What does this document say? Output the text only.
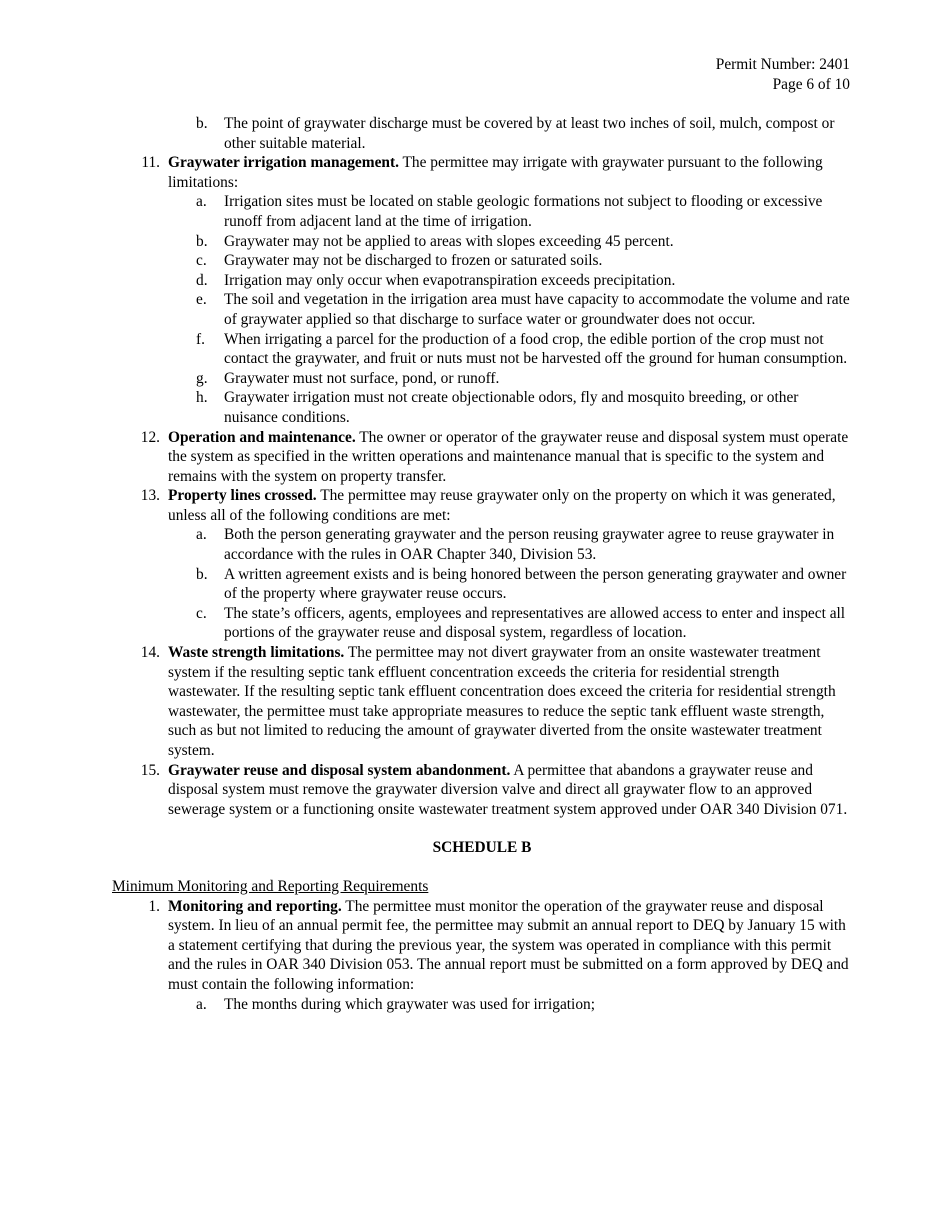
Permit Number: 2401
Page 6 of 10
b. The point of graywater discharge must be covered by at least two inches of soil, mulch, compost or other suitable material.
11. Graywater irrigation management. The permittee may irrigate with graywater pursuant to the following limitations:
a. Irrigation sites must be located on stable geologic formations not subject to flooding or excessive runoff from adjacent land at the time of irrigation.
b. Graywater may not be applied to areas with slopes exceeding 45 percent.
c. Graywater may not be discharged to frozen or saturated soils.
d. Irrigation may only occur when evapotranspiration exceeds precipitation.
e. The soil and vegetation in the irrigation area must have capacity to accommodate the volume and rate of graywater applied so that discharge to surface water or groundwater does not occur.
f. When irrigating a parcel for the production of a food crop, the edible portion of the crop must not contact the graywater, and fruit or nuts must not be harvested off the ground for human consumption.
g. Graywater must not surface, pond, or runoff.
h. Graywater irrigation must not create objectionable odors, fly and mosquito breeding, or other nuisance conditions.
12. Operation and maintenance. The owner or operator of the graywater reuse and disposal system must operate the system as specified in the written operations and maintenance manual that is specific to the system and remains with the system on property transfer.
13. Property lines crossed. The permittee may reuse graywater only on the property on which it was generated, unless all of the following conditions are met:
a. Both the person generating graywater and the person reusing graywater agree to reuse graywater in accordance with the rules in OAR Chapter 340, Division 53.
b. A written agreement exists and is being honored between the person generating graywater and owner of the property where graywater reuse occurs.
c. The state’s officers, agents, employees and representatives are allowed access to enter and inspect all portions of the graywater reuse and disposal system, regardless of location.
14. Waste strength limitations. The permittee may not divert graywater from an onsite wastewater treatment system if the resulting septic tank effluent concentration exceeds the criteria for residential strength wastewater. If the resulting septic tank effluent concentration does exceed the criteria for residential strength wastewater, the permittee must take appropriate measures to reduce the septic tank effluent waste strength, such as but not limited to reducing the amount of graywater diverted from the onsite wastewater treatment system.
15. Graywater reuse and disposal system abandonment. A permittee that abandons a graywater reuse and disposal system must remove the graywater diversion valve and direct all graywater flow to an approved sewerage system or a functioning onsite wastewater treatment system approved under OAR 340 Division 071.
SCHEDULE B
Minimum Monitoring and Reporting Requirements
1. Monitoring and reporting. The permittee must monitor the operation of the graywater reuse and disposal system. In lieu of an annual permit fee, the permittee may submit an annual report to DEQ by January 15 with a statement certifying that during the previous year, the system was operated in compliance with this permit and the rules in OAR 340 Division 053. The annual report must be submitted on a form approved by DEQ and must contain the following information:
a. The months during which graywater was used for irrigation;
